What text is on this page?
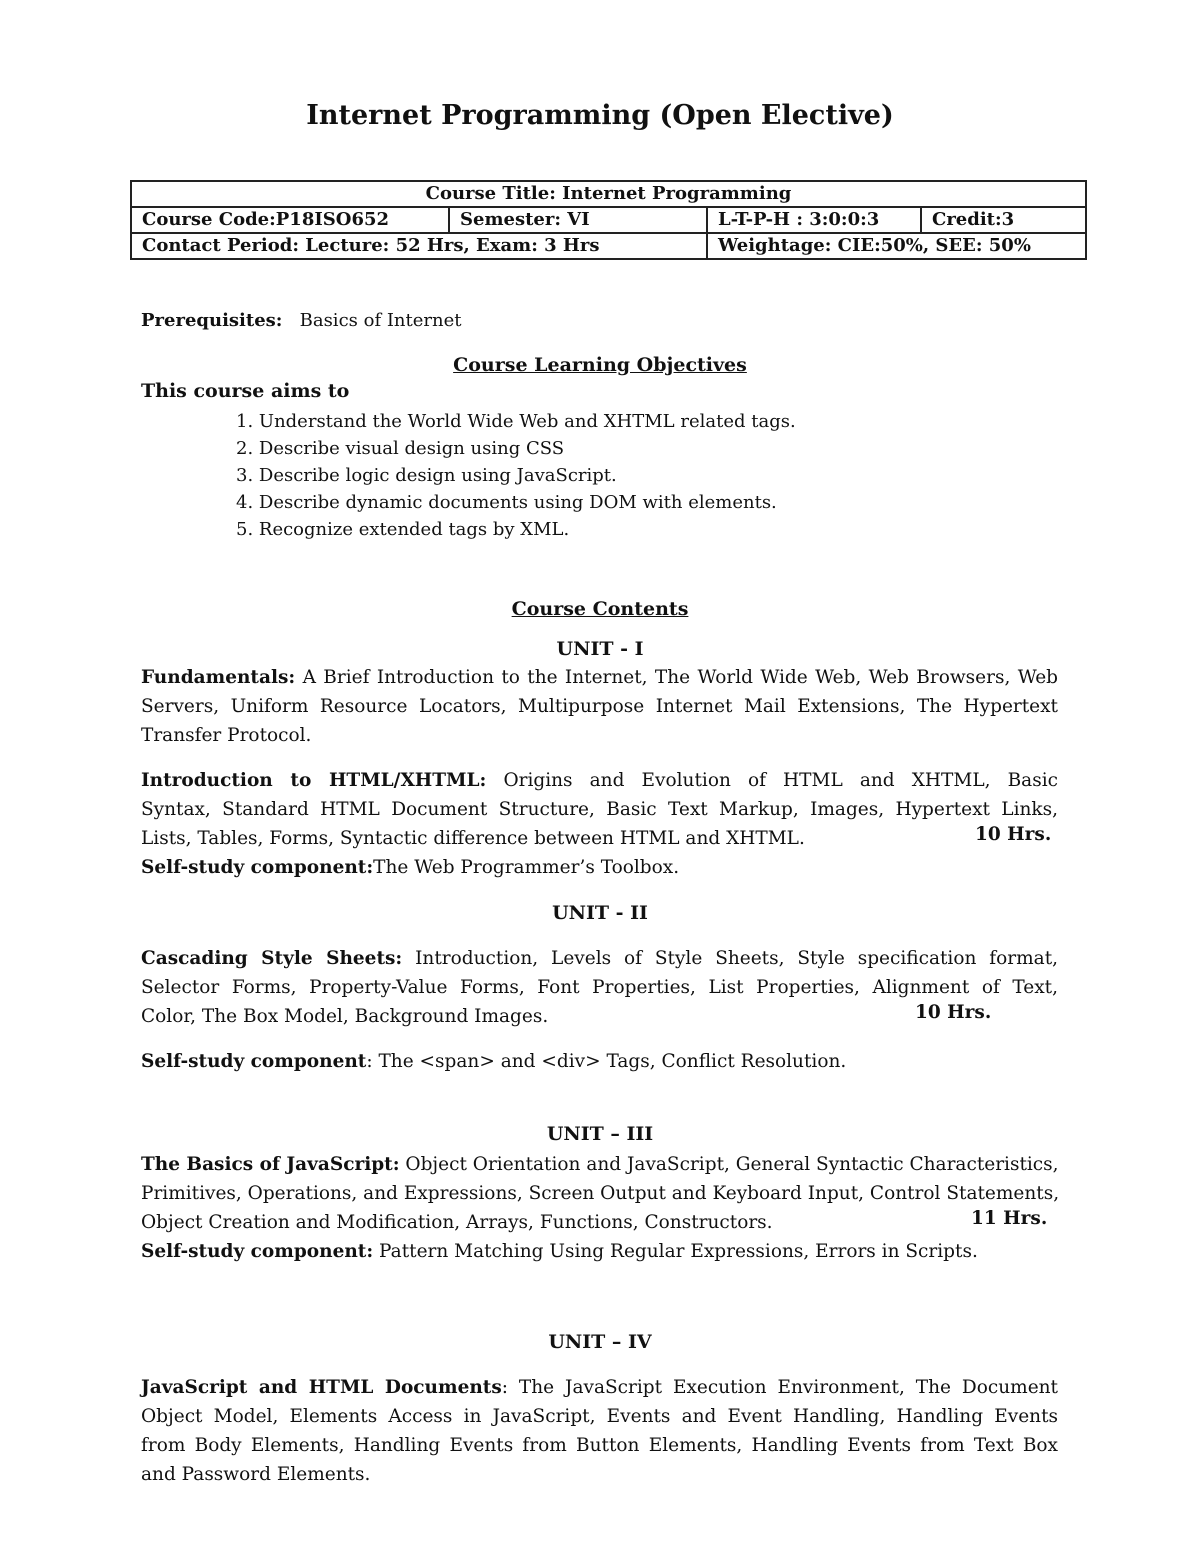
Internet Programming (Open Elective)
Course Title: Internet Programming			
Course Code:P18ISO652	Semester: VI	L-T-P-H : 3:0:0:3	Credit:3
Contact Period: Lecture: 52 Hrs, Exam: 3 Hrs		Weightage: CIE:50%, SEE: 50%	
Prerequisites: Basics of Internet
Course Learning Objectives
This course aims to
1. Understand the World Wide Web and XHTML related tags.
2. Describe visual design using CSS
3. Describe logic design using JavaScript.
4. Describe dynamic documents using DOM with elements.
5. Recognize extended tags by XML.
Course Contents
UNIT - I
Fundamentals: A Brief Introduction to the Internet, The World Wide Web, Web Browsers, Web
Servers, Uniform Resource Locators, Multipurpose Internet Mail Extensions, The Hypertext
Transfer Protocol.
Introduction to HTML/XHTML: Origins and Evolution of HTML and XHTML, Basic
Syntax, Standard HTML Document Structure, Basic Text Markup, Images, Hypertext Links,
Lists, Tables, Forms, Syntactic difference between HTML and XHTML.
Self-study component:The Web Programmer’s Toolbox.
10 Hrs.
UNIT - II
Cascading Style Sheets: Introduction, Levels of Style Sheets, Style specification format,
Selector Forms, Property-Value Forms, Font Properties, List Properties, Alignment of Text,
Color, The Box Model, Background Images.	10 Hrs.
Self-study component: The <span> and <div> Tags, Conflict Resolution.
UNIT – III
The Basics of JavaScript: Object Orientation and JavaScript, General Syntactic Characteristics,
Primitives, Operations, and Expressions, Screen Output and Keyboard Input, Control Statements,
Object Creation and Modification, Arrays, Functions, Constructors.
Self-study component: Pattern Matching Using Regular Expressions, Errors in Scripts.
11 Hrs.
UNIT – IV
JavaScript and HTML Documents: The JavaScript Execution Environment, The Document
Object Model, Elements Access in JavaScript, Events and Event Handling, Handling Events
from Body Elements, Handling Events from Button Elements, Handling Events from Text Box
and Password Elements.
